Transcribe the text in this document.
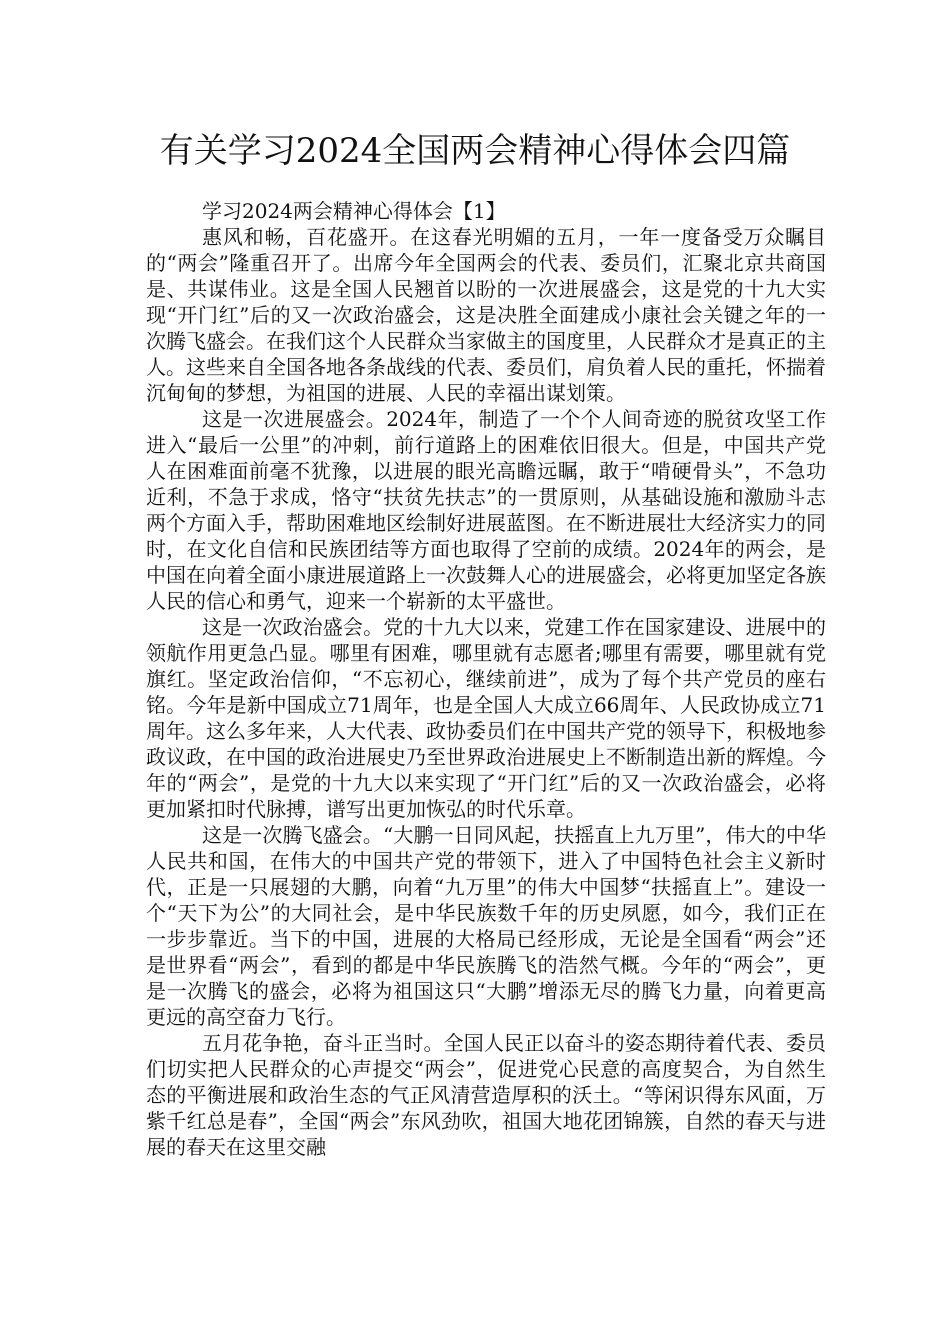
有关学习2024全国两会精神心得体会四篇

学习2024两会精神心得体会【1】

惠风和畅，百花盛开。在这春光明媚的五月，一年一度备受万众瞩目的“两会”隆重召开了。出席今年全国两会的代表、委员们，汇聚北京共商国是、共谋伟业。这是全国人民翘首以盼的一次进展盛会，这是党的十九大实现“开门红”后的又一次政治盛会，这是决胜全面建成小康社会关键之年的一次腾飞盛会。在我们这个人民群众当家做主的国度里，人民群众才是真正的主人。这些来自全国各地各条战线的代表、委员们，肩负着人民的重托，怀揣着沉甸甸的梦想，为祖国的进展、人民的幸福出谋划策。

这是一次进展盛会。2024年，制造了一个个人间奇迹的脱贫攻坚工作进入“最后一公里”的冲刺，前行道路上的困难依旧很大。但是，中国共产党人在困难面前毫不犹豫，以进展的眼光高瞻远瞩，敢于“啃硬骨头”，不急功近利，不急于求成，恪守“扶贫先扶志”的一贯原则，从基础设施和激励斗志两个方面入手，帮助困难地区绘制好进展蓝图。在不断进展壮大经济实力的同时，在文化自信和民族团结等方面也取得了空前的成绩。2024年的两会，是中国在向着全面小康进展道路上一次鼓舞人心的进展盛会，必将更加坚定各族人民的信心和勇气，迎来一个崭新的太平盛世。

这是一次政治盛会。党的十九大以来，党建工作在国家建设、进展中的领航作用更急凸显。哪里有困难，哪里就有志愿者;哪里有需要，哪里就有党旗红。坚定政治信仰，“不忘初心，继续前进”，成为了每个共产党员的座右铭。今年是新中国成立71周年，也是全国人大成立66周年、人民政协成立71周年。这么多年来，人大代表、政协委员们在中国共产党的领导下，积极地参政议政，在中国的政治进展史乃至世界政治进展史上不断制造出新的辉煌。今年的“两会”，是党的十九大以来实现了“开门红”后的又一次政治盛会，必将更加紧扣时代脉搏，谱写出更加恢弘的时代乐章。

这是一次腾飞盛会。“大鹏一日同风起，扶摇直上九万里”，伟大的中华人民共和国，在伟大的中国共产党的带领下，进入了中国特色社会主义新时代，正是一只展翅的大鹏，向着“九万里”的伟大中国梦“扶摇直上”。建设一个“天下为公”的大同社会，是中华民族数千年的历史夙愿，如今，我们正在一步步靠近。当下的中国，进展的大格局已经形成，无论是全国看“两会”还是世界看“两会”，看到的都是中华民族腾飞的浩然气概。今年的“两会”，更是一次腾飞的盛会，必将为祖国这只“大鹏”增添无尽的腾飞力量，向着更高更远的高空奋力飞行。

五月花争艳，奋斗正当时。全国人民正以奋斗的姿态期待着代表、委员们切实把人民群众的心声提交“两会”，促进党心民意的高度契合，为自然生态的平衡进展和政治生态的气正风清营造厚积的沃土。“等闲识得东风面，万紫千红总是春”，全国“两会”东风劲吹，祖国大地花团锦簇，自然的春天与进展的春天在这里交融
